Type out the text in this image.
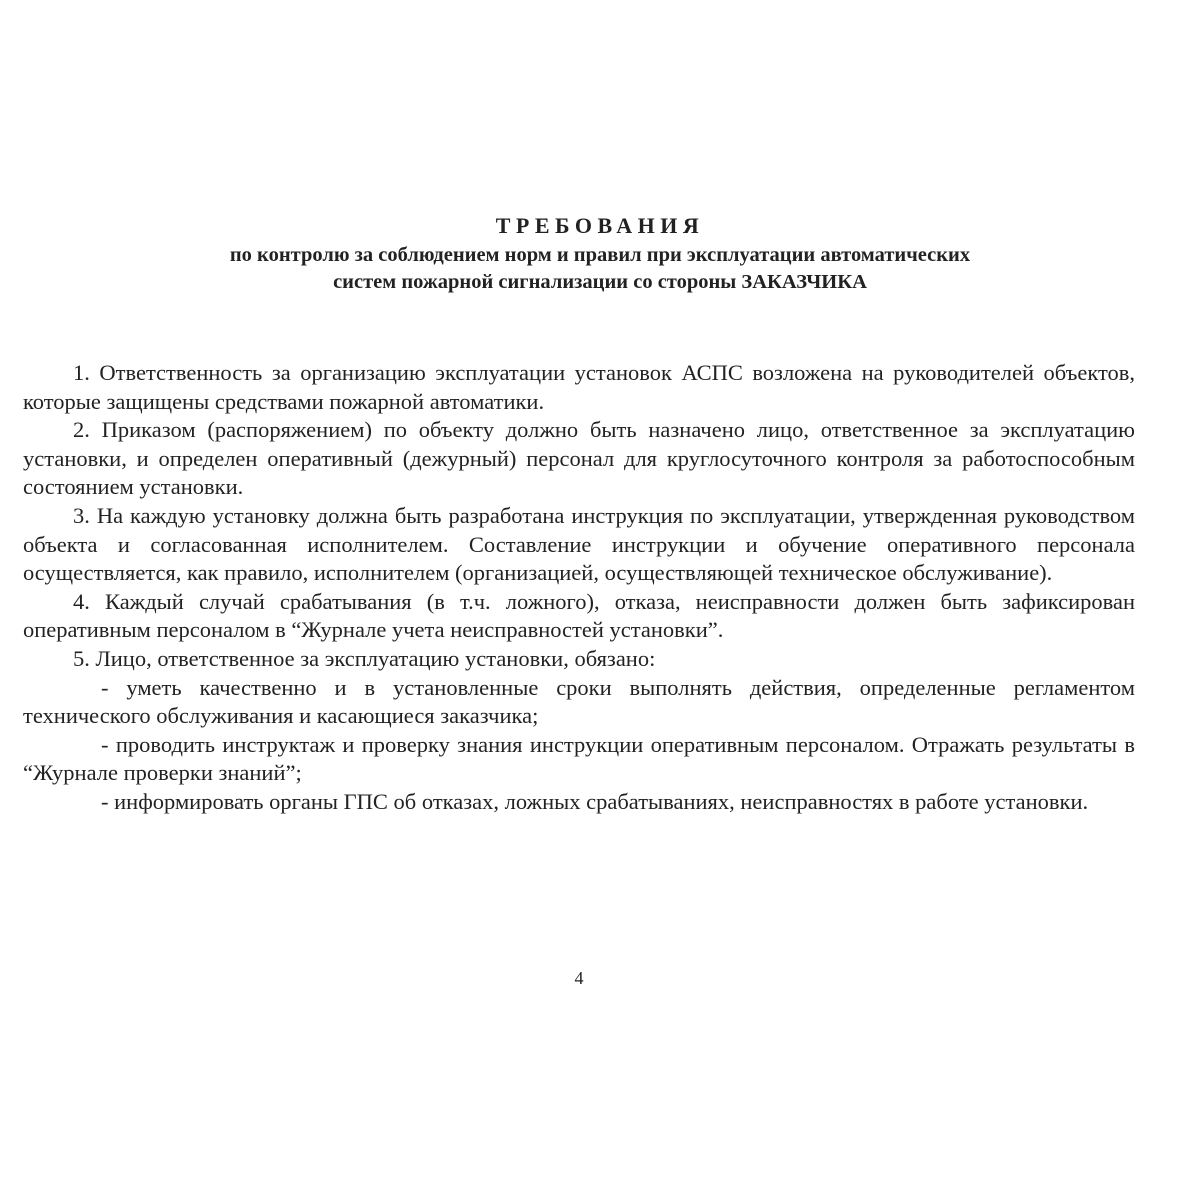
ТРЕБОВАНИЯ

по контролю за соблюдением норм и правил при эксплуатации автоматических
систем пожарной сигнализации со стороны ЗАКАЗЧИКА

1. Ответственность за организацию эксплуатации установок АСПС возложена на руководителей объектов, которые защищены средствами пожарной автоматики.

2. Приказом (распоряжением) по объекту должно быть назначено лицо, ответственное за эксплуатацию установки, и определен оперативный (дежурный) персонал для круглосуточного контроля за работоспособным состоянием установки.

3. На каждую установку должна быть разработана инструкция по эксплуатации, утвержденная руководством объекта и согласованная исполнителем. Составление инструкции и обучение оперативного персонала осуществляется, как правило, исполнителем (организацией, осуществляющей техническое обслуживание).

4. Каждый случай срабатывания (в т.ч. ложного), отказа, неисправности должен быть зафиксирован оперативным персоналом в “Журнале учета неисправностей установки”.

5. Лицо, ответственное за эксплуатацию установки, обязано:

- уметь качественно и в установленные сроки выполнять действия, определенные регламентом технического обслуживания и касающиеся заказчика;

- проводить инструктаж и проверку знания инструкции оперативным персоналом. Отражать результаты в “Журнале проверки знаний”;

- информировать органы ГПС об отказах, ложных срабатываниях, неисправностях в работе установки.

4
